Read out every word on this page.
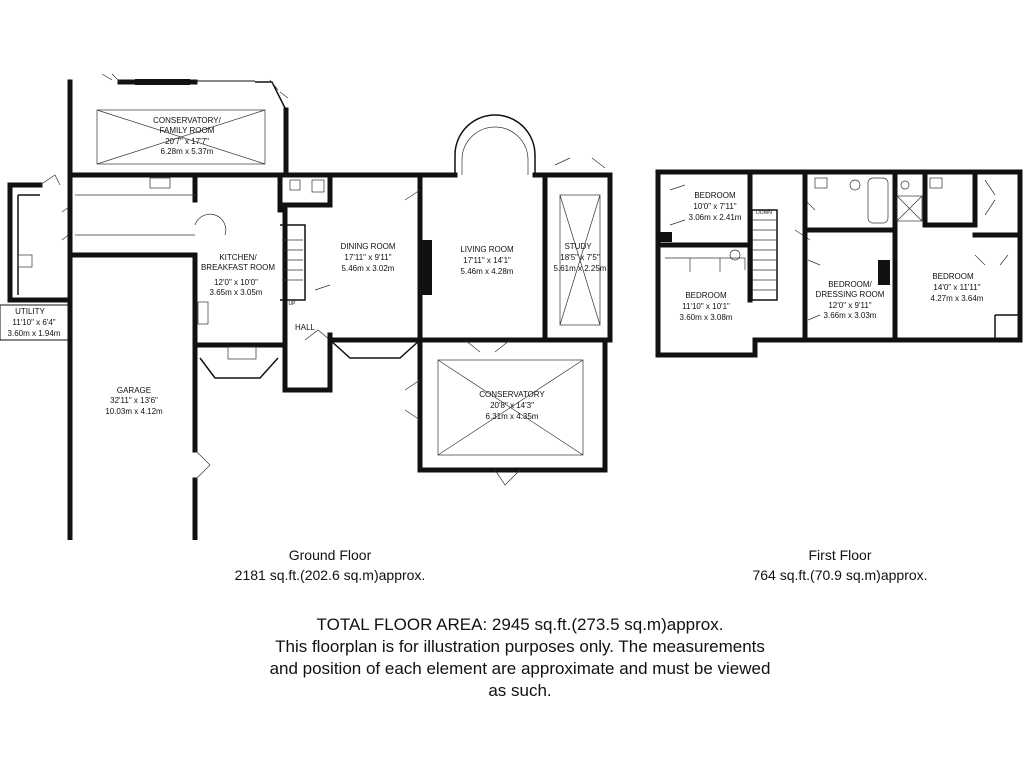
CONSERVATORY/
FAMILY ROOM
20'7" x 17'7"
6.28m x 5.37m
UTILITY
11'10" x 6'4"
3.60m x 1.94m
KITCHEN/
BREAKFAST ROOM
12'0" x 10'0"
3.65m x 3.05m
GARAGE
32'11" x 13'6"
10.03m x 4.12m
UP
HALL
DINING ROOM
17'11" x 9'11"
5.46m x 3.02m
LIVING ROOM
17'11" x 14'1"
5.46m x 4.28m
STUDY
18'5" x 7'5"
5.61m x 2.25m
CONSERVATORY
20'8" x 14'3"
6.31m x 4.35m
BEDROOM
10'0" x 7'11"
3.06m x 2.41m	DOWN
BEDROOM
11'10" x 10'1"
3.60m x 3.08m
BEDROOM/
DRESSING ROOM
12'0" x 9'11"
3.66m x 3.03m
BEDROOM
14'0" x 11'11"
4.27m x 3.64m
Ground Floor
2181 sq.ft.(202.6 sq.m)approx.
First Floor
764 sq.ft.(70.9 sq.m)approx.
TOTAL FLOOR AREA: 2945 sq.ft.(273.5 sq.m)approx.
This floorplan is for illustration purposes only. The measurements
and position of each element are approximate and must be viewed
as such.
